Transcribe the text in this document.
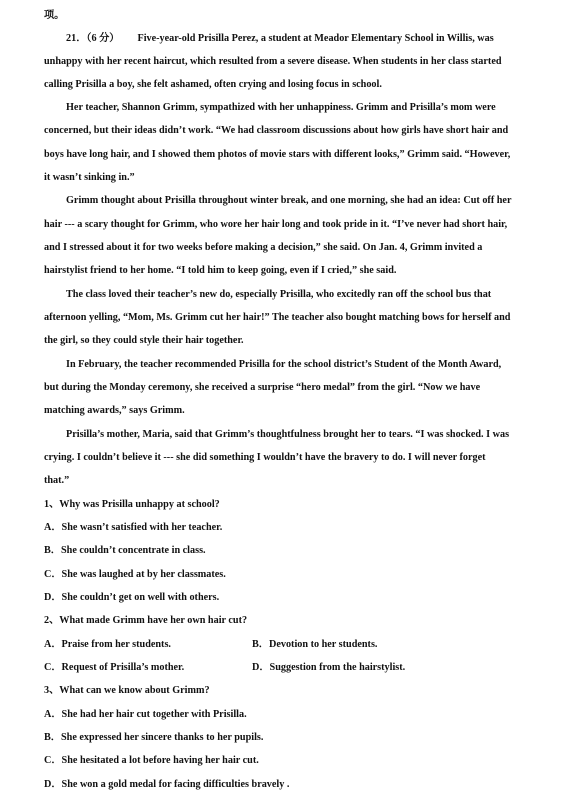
项。
21．（6 分） Five-year-old Prisilla Perez, a student at Meador Elementary School in Willis, was
unhappy with her recent haircut, which resulted from a severe disease. When students in her class started
calling Prisilla a boy, she felt ashamed, often crying and losing focus in school.
Her teacher, Shannon Grimm, sympathized with her unhappiness. Grimm and Prisilla’s mom were
concerned, but their ideas didn’t work. “We had classroom discussions about how girls have short hair and
boys have long hair, and I showed them photos of movie stars with different looks,” Grimm said. “However,
it wasn’t sinking in.”
Grimm thought about Prisilla throughout winter break, and one morning, she had an idea: Cut off her
hair --- a scary thought for Grimm, who wore her hair long and took pride in it. “I’ve never had short hair,
and I stressed about it for two weeks before making a decision,” she said. On Jan. 4, Grimm invited a
hairstylist friend to her home. “I told him to keep going, even if I cried,” she said.
The class loved their teacher’s new do, especially Prisilla, who excitedly ran off the school bus that
afternoon yelling, “Mom, Ms. Grimm cut her hair!” The teacher also bought matching bows for herself and
the girl, so they could style their hair together.
In February, the teacher recommended Prisilla for the school district’s Student of the Month Award,
but during the Monday ceremony, she received a surprise “hero medal” from the girl. “Now we have
matching awards,” says Grimm.
Prisilla’s mother, Maria, said that Grimm’s thoughtfulness brought her to tears. “I was shocked. I was
crying. I couldn’t believe it --- she did something I wouldn’t have the bravery to do. I will never forget
that.”
1、Why was Prisilla unhappy at school?
A．She wasn’t satisfied with her teacher.
B．She couldn’t concentrate in class.
C．She was laughed at by her classmates.
D．She couldn’t get on well with others.
2、What made Grimm have her own hair cut?
A．Praise from her students.	B．Devotion to her students.
C．Request of Prisilla’s mother.	D．Suggestion from the hairstylist.
3、What can we know about Grimm?
A．She had her hair cut together with Prisilla.
B．She expressed her sincere thanks to her pupils.
C．She hesitated a lot before having her hair cut.
D．She won a gold medal for facing difficulties bravely .
